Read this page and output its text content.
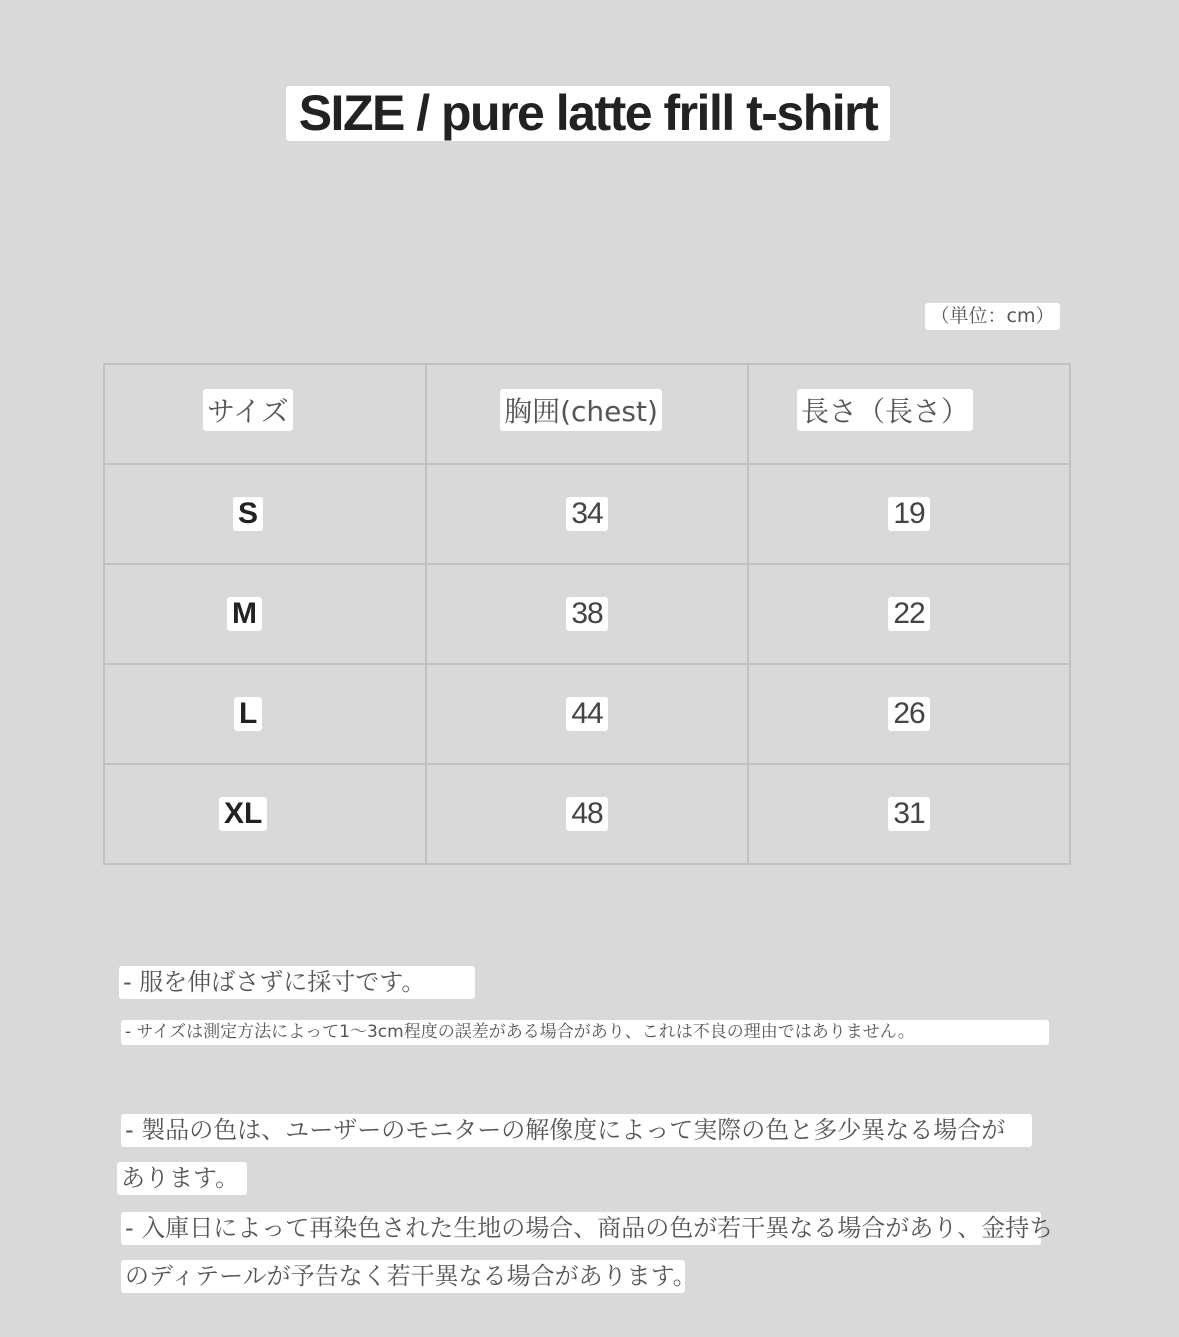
SIZE / pure latte frill t-shirt
（単位：cm）
サイズ	胸囲(chest)	長さ（長さ）
S	34	19
M	38	22
L	44	26
XL	48	31
- 服を伸ばさずに採寸です。
- サイズは測定方法によって1～3cm程度の誤差がある場合があり、これは不良の理由ではありません。
- 製品の色は、ユーザーのモニターの解像度によって実際の色と多少異なる場合が
あります。
- 入庫日によって再染色された生地の場合、商品の色が若干異なる場合があり、金持ち
のディテールが予告なく若干異なる場合があります。
